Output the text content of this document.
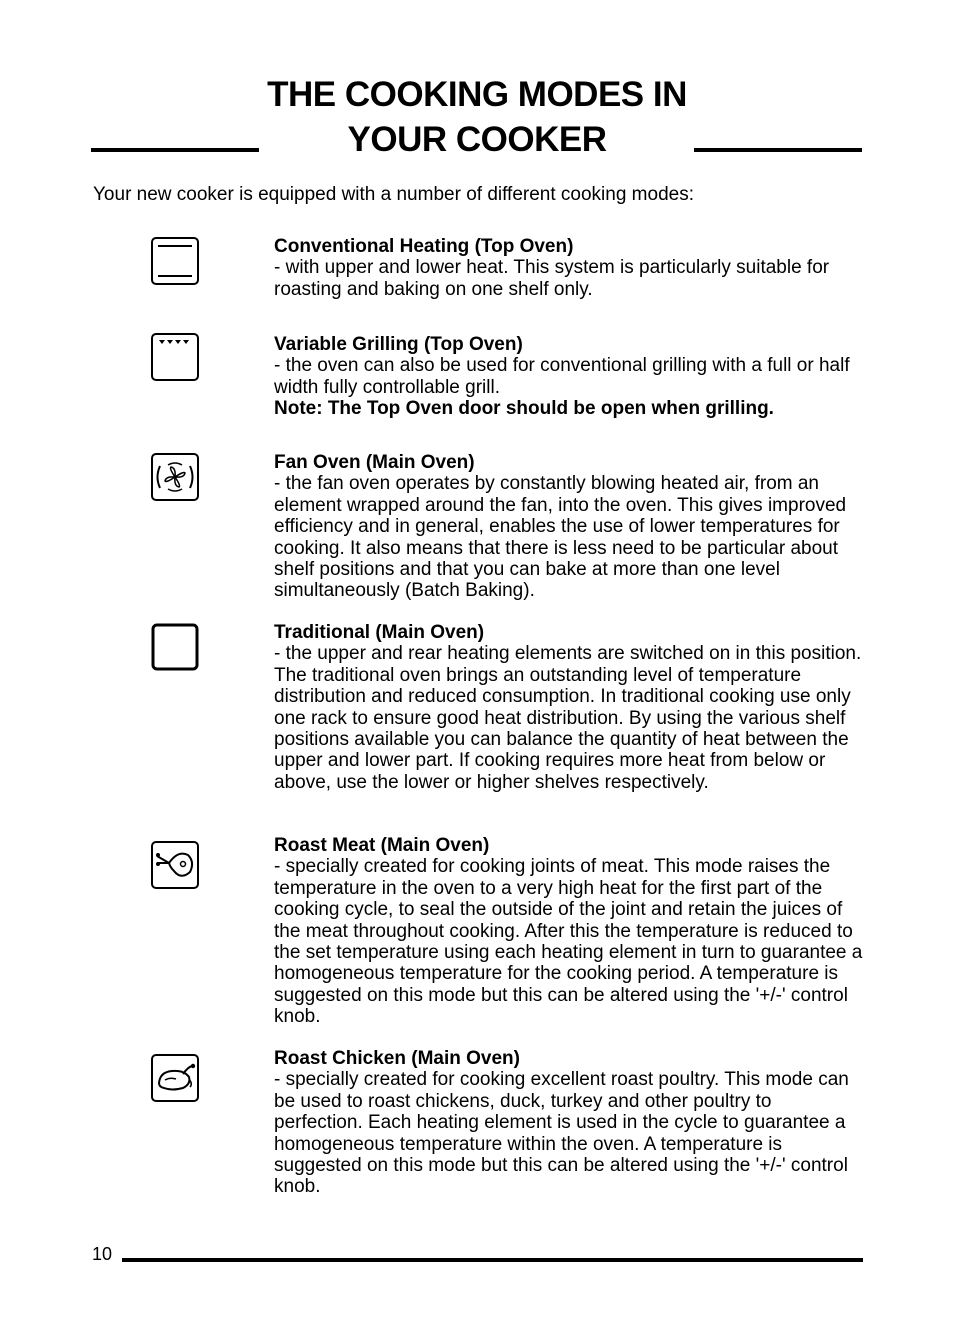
THE COOKING MODES IN
YOUR COOKER
Your new cooker is equipped with a number of different cooking modes:
Conventional Heating (Top Oven)
- with upper and lower heat. This system is particularly suitable for roasting and baking on one shelf only.
Variable Grilling (Top Oven)
- the oven can also be used for conventional grilling with a full or half width fully controllable grill.
Note: The Top Oven door should be open when grilling.
Fan Oven (Main Oven)
- the fan oven operates by constantly blowing heated air, from an element wrapped around the fan, into the oven. This gives improved efficiency and in general, enables the use of lower temperatures for cooking. It also means that there is less need to be particular about shelf positions and that you can bake at more than one level simultaneously (Batch Baking).
Traditional (Main Oven)
- the upper and rear heating elements are switched on in this position. The traditional oven brings an outstanding level of temperature distribution and reduced consumption. In traditional cooking use only one rack to ensure good heat distribution. By using the various shelf positions available you can balance the quantity of heat between the upper and lower part. If cooking requires more heat from below or above, use the lower or higher shelves respectively.
Roast Meat (Main Oven)
- specially created for cooking joints of meat. This mode raises the temperature in the oven to a very high heat for the first part of the cooking cycle, to seal the outside of the joint and retain the juices of the meat throughout cooking. After this the temperature is reduced to the set temperature using each heating element in turn to guarantee a homogeneous temperature for the cooking period. A temperature is suggested on this mode but this can be altered using the '+/-' control knob.
Roast Chicken (Main Oven)
- specially created for cooking excellent roast poultry. This mode can be used to roast chickens, duck, turkey and other poultry to perfection. Each heating element is used in the cycle to guarantee a homogeneous temperature within the oven. A temperature is suggested on this mode but this can be altered using the '+/-' control knob.
10
